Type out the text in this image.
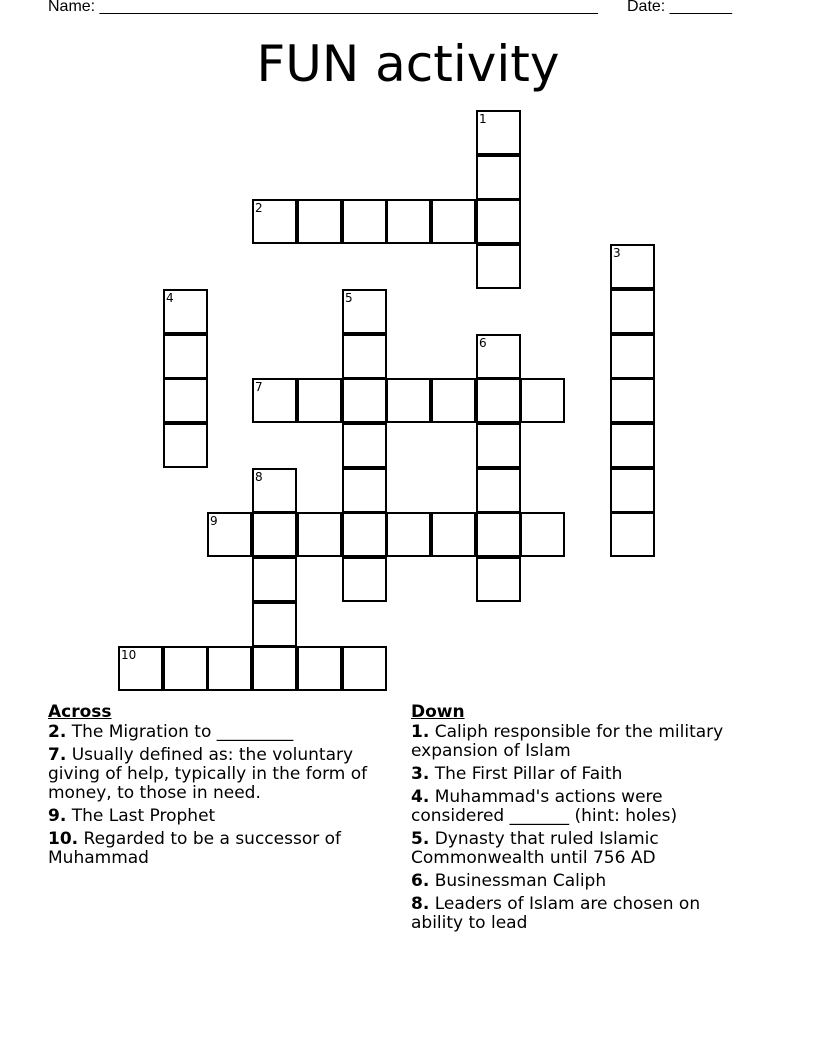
Name: ________________________________________________________ Date: _______
FUN activity
1
2
3
4	5
6
7
8
9
10
Across
2. The Migration to _________
7. Usually defined as: the voluntary giving of help, typically in the form of money, to those in need.
9. The Last Prophet
10. Regarded to be a successor of Muhammad
Down
1. Caliph responsible for the military expansion of Islam
3. The First Pillar of Faith
4. Muhammad's actions were considered _______ (hint: holes)
5. Dynasty that ruled Islamic Commonwealth until 756 AD
6. Businessman Caliph
8. Leaders of Islam are chosen on ability to lead
